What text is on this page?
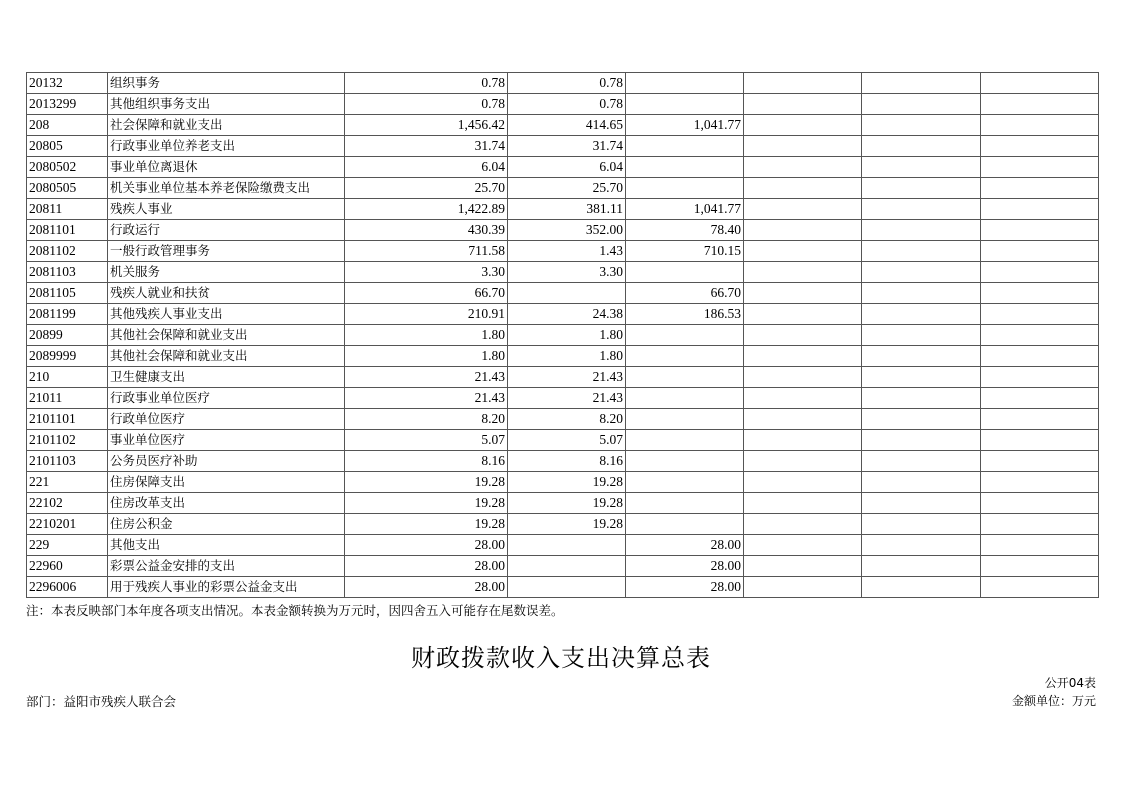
20132	组织事务	0.78	0.78				
2013299	其他组织事务支出	0.78	0.78				
208	社会保障和就业支出	1,456.42	414.65	1,041.77			
20805	行政事业单位养老支出	31.74	31.74				
2080502	事业单位离退休	6.04	6.04				
2080505	机关事业单位基本养老保险缴费支出	25.70	25.70				
20811	残疾人事业	1,422.89	381.11	1,041.77			
2081101	行政运行	430.39	352.00	78.40			
2081102	一般行政管理事务	711.58	1.43	710.15			
2081103	机关服务	3.30	3.30				
2081105	残疾人就业和扶贫	66.70		66.70			
2081199	其他残疾人事业支出	210.91	24.38	186.53			
20899	其他社会保障和就业支出	1.80	1.80				
2089999	其他社会保障和就业支出	1.80	1.80				
210	卫生健康支出	21.43	21.43				
21011	行政事业单位医疗	21.43	21.43				
2101101	行政单位医疗	8.20	8.20				
2101102	事业单位医疗	5.07	5.07				
2101103	公务员医疗补助	8.16	8.16				
221	住房保障支出	19.28	19.28				
22102	住房改革支出	19.28	19.28				
2210201	住房公积金	19.28	19.28				
229	其他支出	28.00		28.00			
22960	彩票公益金安排的支出	28.00		28.00			
2296006	用于残疾人事业的彩票公益金支出	28.00		28.00			
注：本表反映部门本年度各项支出情况。本表金额转换为万元时，因四舍五入可能存在尾数误差。
财政拨款收入支出决算总表
公开04表
部门：益阳市残疾人联合会	金额单位：万元
